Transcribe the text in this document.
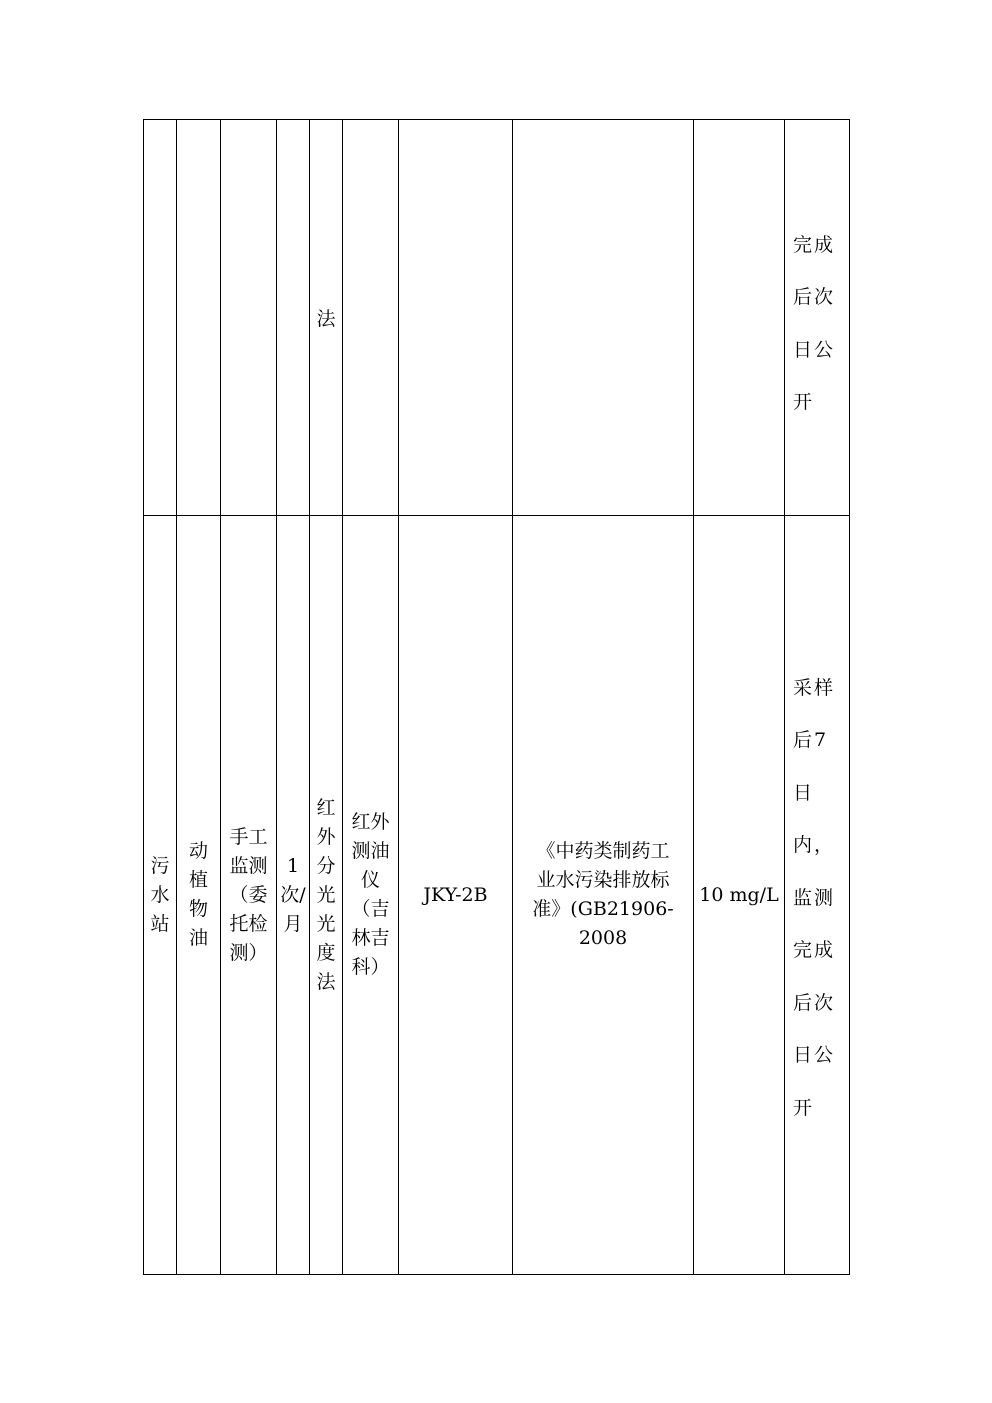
				法					完成后次日公开

污水站	动植物油	手工监测（委托检测）	1次/月	红外分光光度法	红外测油仪（吉林吉科）	JKY-2B	《中药类制药工业水污染排放标准》(GB21906-2008	10 mg/L	采样后7日内，监测完成后次日公开
